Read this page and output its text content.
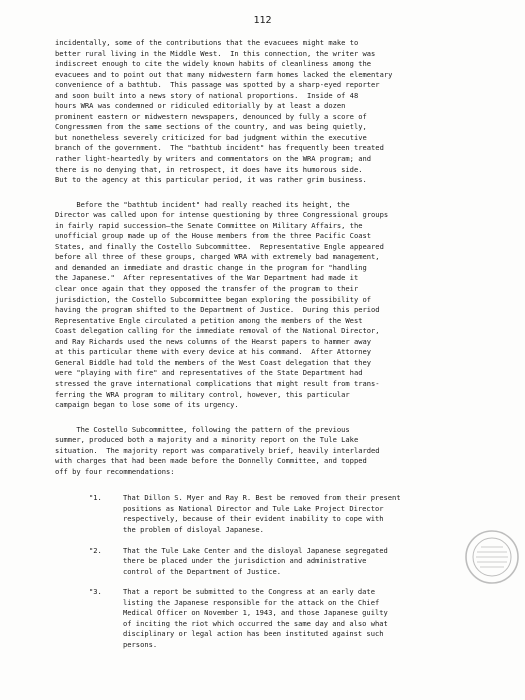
112
incidentally, some of the contributions that the evacuees might make to
better rural living in the Middle West.  In this connection, the writer was
indiscreet enough to cite the widely known habits of cleanliness among the
evacuees and to point out that many midwestern farm homes lacked the elementary
convenience of a bathtub.  This passage was spotted by a sharp-eyed reporter
and soon built into a news story of national proportions.  Inside of 48
hours WRA was condemned or ridiculed editorially by at least a dozen
prominent eastern or midwestern newspapers, denounced by fully a score of
Congressmen from the same sections of the country, and was being quietly,
but nonetheless severely criticized for bad judgment within the executive
branch of the government.  The "bathtub incident" has frequently been treated
rather light-heartedly by writers and commentators on the WRA program; and
there is no denying that, in retrospect, it does have its humorous side.
But to the agency at this particular period, it was rather grim business.
Before the "bathtub incident" had really reached its height, the
Director was called upon for intense questioning by three Congressional groups
in fairly rapid succession—the Senate Committee on Military Affairs, the
unofficial group made up of the House members from the three Pacific Coast
States, and finally the Costello Subcommittee.  Representative Engle appeared
before all three of these groups, charged WRA with extremely bad management,
and demanded an immediate and drastic change in the program for "handling
the Japanese."  After representatives of the War Department had made it
clear once again that they opposed the transfer of the program to their
jurisdiction, the Costello Subcommittee began exploring the possibility of
having the program shifted to the Department of Justice.  During this period
Representative Engle circulated a petition among the members of the West
Coast delegation calling for the immediate removal of the National Director,
and Ray Richards used the news columns of the Hearst papers to hammer away
at this particular theme with every device at his command.  After Attorney
General Biddle had told the members of the West Coast delegation that they
were "playing with fire" and representatives of the State Department had
stressed the grave international complications that might result from trans-
ferring the WRA program to military control, however, this particular
campaign began to lose some of its urgency.
The Costello Subcommittee, following the pattern of the previous
summer, produced both a majority and a minority report on the Tule Lake
situation.  The majority report was comparatively brief, heavily interlarded
with charges that had been made before the Donnelly Committee, and topped
off by four recommendations:
"1.	That Dillon S. Myer and Ray R. Best be removed from their present
positions as National Director and Tule Lake Project Director
respectively, because of their evident inability to cope with
the problem of disloyal Japanese.
"2.	That the Tule Lake Center and the disloyal Japanese segregated
there be placed under the jurisdiction and administrative
control of the Department of Justice.
"3.	That a report be submitted to the Congress at an early date
listing the Japanese responsible for the attack on the Chief
Medical Officer on November 1, 1943, and those Japanese guilty
of inciting the riot which occurred the same day and also what
disciplinary or legal action has been instituted against such
persons.
